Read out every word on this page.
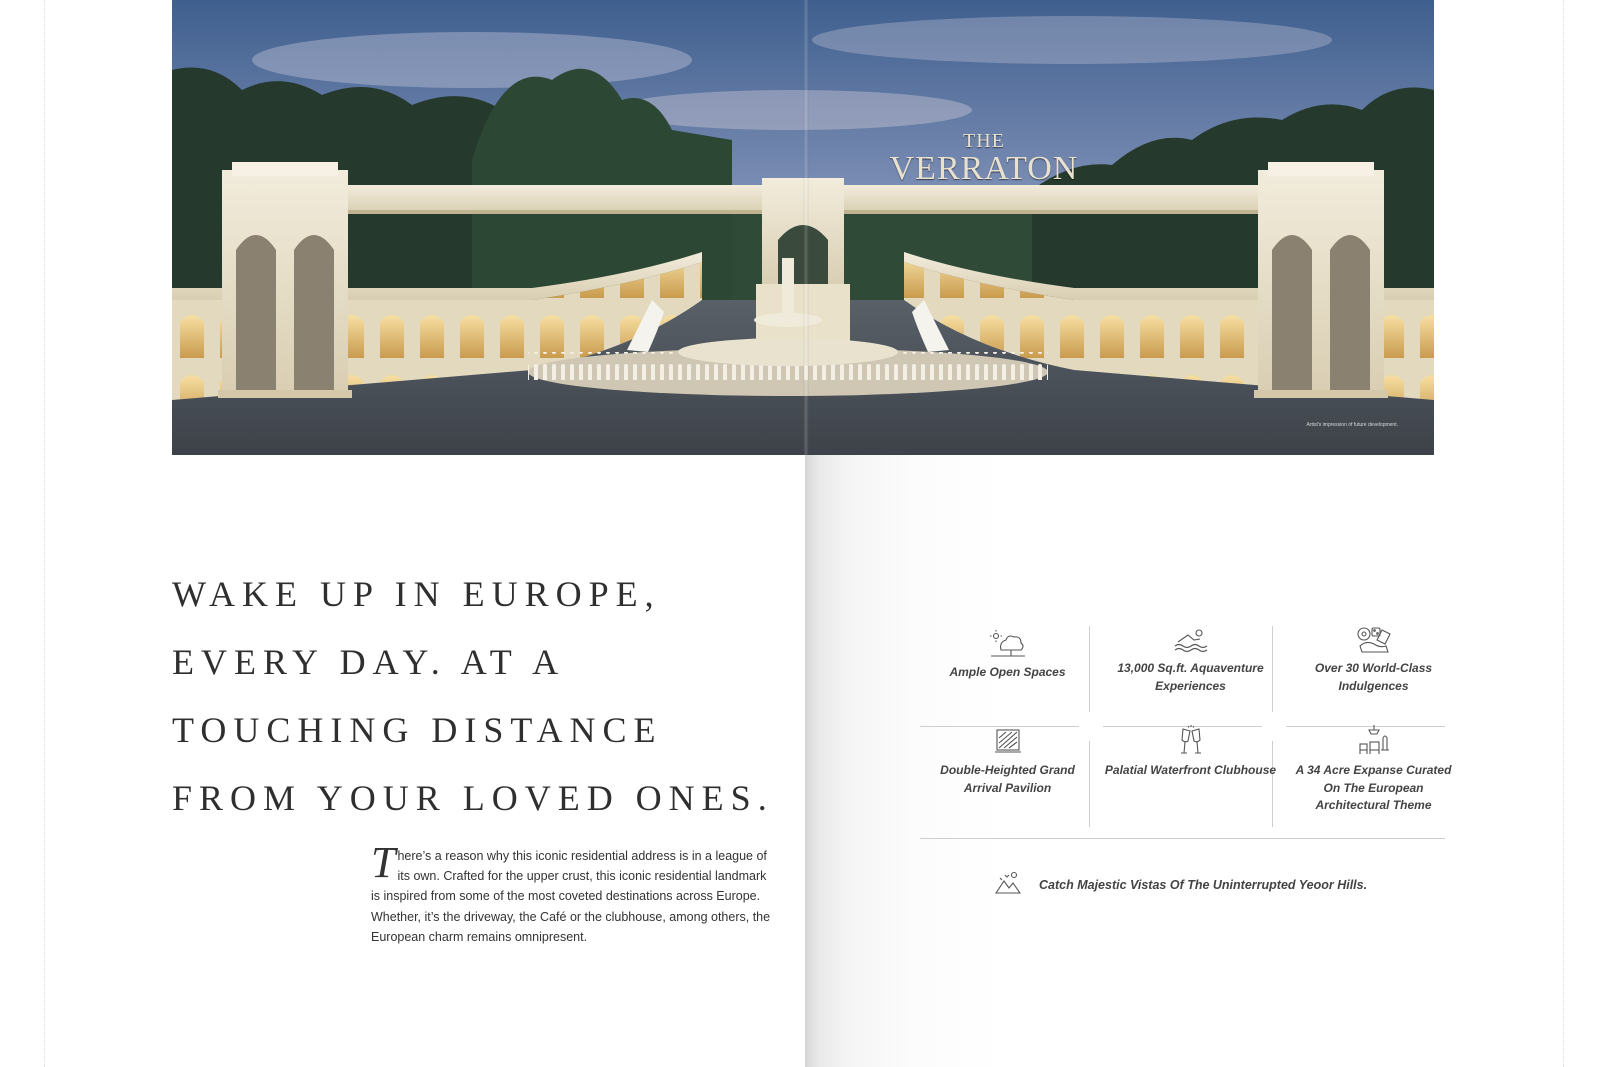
THE
VERRATON
Artist's impression of future development.
WAKE UP IN EUROPE,
EVERY DAY. AT A
TOUCHING DISTANCE
FROM YOUR LOVED ONES.
T here’s a reason why this iconic residential address is in a league of its own. Crafted for the upper crust, this iconic residential landmark is inspired from some of the most coveted destinations across Europe. Whether, it’s the driveway, the Café or the clubhouse, among others, the European charm remains omnipresent.
Ample Open Spaces	13,000 Sq.ft. Aquaventure Experiences
Over 30 World-Class Indulgences
Double-Heighted Grand Arrival Pavilion
Palatial Waterfront Clubhouse	A 34 Acre Expanse Curated On The European Architectural Theme
Catch Majestic Vistas Of The Uninterrupted Yeoor Hills.
